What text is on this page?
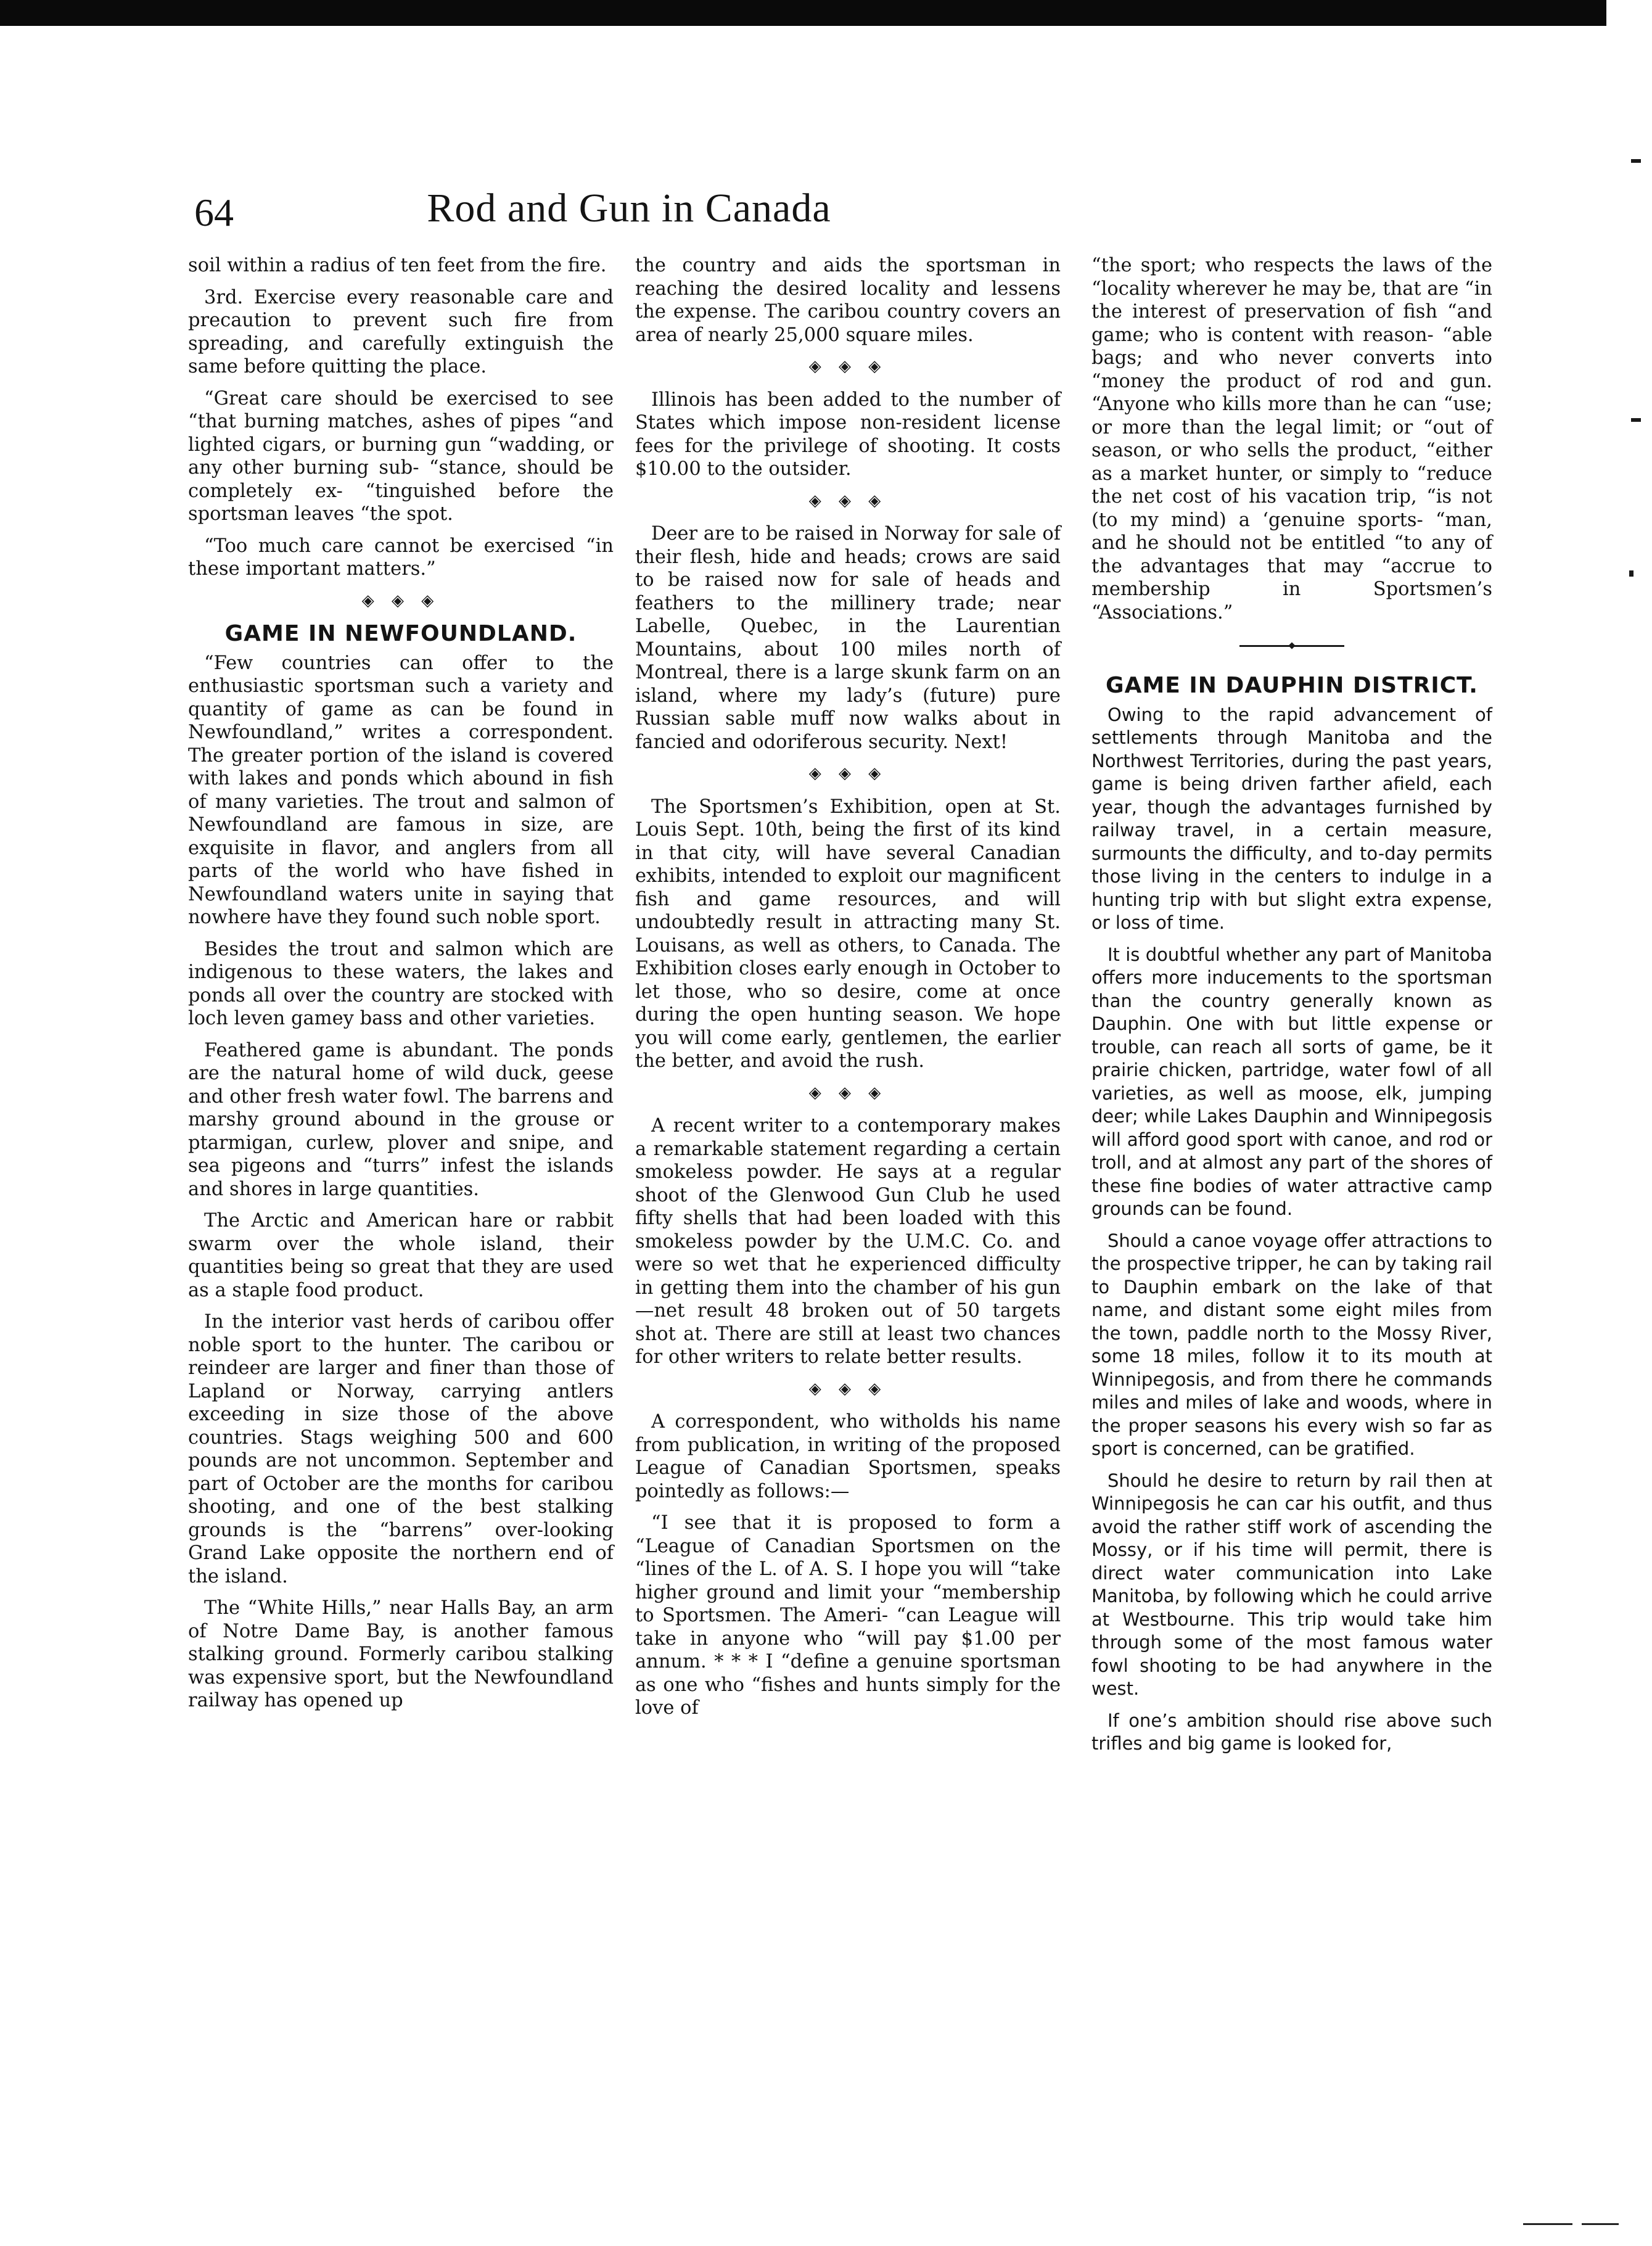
64	Rod and Gun in Canada

soil within a radius of ten feet from the fire.

3rd. Exercise every reasonable care and precaution to prevent such fire from spreading, and carefully extinguish the same before quitting the place.

“Great care should be exercised to see “that burning matches, ashes of pipes “and lighted cigars, or burning gun “wadding, or any other burning sub- “stance, should be completely ex- “tinguished before the sportsman leaves “the spot.

“Too much care cannot be exercised “in these important matters.”

◈ ◈ ◈
GAME IN NEWFOUNDLAND.

“Few countries can offer to the enthusiastic sportsman such a variety and quantity of game as can be found in Newfoundland,” writes a correspondent. The greater portion of the island is covered with lakes and ponds which abound in fish of many varieties. The trout and salmon of Newfoundland are famous in size, are exquisite in flavor, and anglers from all parts of the world who have fished in Newfoundland waters unite in saying that nowhere have they found such noble sport.

Besides the trout and salmon which are indigenous to these waters, the lakes and ponds all over the country are stocked with loch leven gamey bass and other varieties.

Feathered game is abundant. The ponds are the natural home of wild duck, geese and other fresh water fowl. The barrens and marshy ground abound in the grouse or ptarmigan, curlew, plover and snipe, and sea pigeons and “turrs” infest the islands and shores in large quantities.

The Arctic and American hare or rabbit swarm over the whole island, their quantities being so great that they are used as a staple food product.

In the interior vast herds of caribou offer noble sport to the hunter. The caribou or reindeer are larger and finer than those of Lapland or Norway, carrying antlers exceeding in size those of the above countries. Stags weighing 500 and 600 pounds are not uncommon. September and part of October are the months for caribou shooting, and one of the best stalking grounds is the “barrens” over-looking Grand Lake opposite the northern end of the island.

The “White Hills,” near Halls Bay, an arm of Notre Dame Bay, is another famous stalking ground. Formerly caribou stalking was expensive sport, but the Newfoundland railway has opened up

the country and aids the sportsman in reaching the desired locality and lessens the expense. The caribou country covers an area of nearly 25,000 square miles.

◈ ◈ ◈

Illinois has been added to the number of States which impose non-resident license fees for the privilege of shooting. It costs $10.00 to the outsider.

◈ ◈ ◈

Deer are to be raised in Norway for sale of their flesh, hide and heads; crows are said to be raised now for sale of heads and feathers to the millinery trade; near Labelle, Quebec, in the Laurentian Mountains, about 100 miles north of Montreal, there is a large skunk farm on an island, where my lady’s (future) pure Russian sable muff now walks about in fancied and odoriferous security. Next!

◈ ◈ ◈

The Sportsmen’s Exhibition, open at St. Louis Sept. 10th, being the first of its kind in that city, will have several Canadian exhibits, intended to exploit our magnificent fish and game resources, and will undoubtedly result in attracting many St. Louisans, as well as others, to Canada. The Exhibition closes early enough in October to let those, who so desire, come at once during the open hunting season. We hope you will come early, gentlemen, the earlier the better, and avoid the rush.

◈ ◈ ◈

A recent writer to a contemporary makes a remarkable statement regarding a certain smokeless powder. He says at a regular shoot of the Glenwood Gun Club he used fifty shells that had been loaded with this smokeless powder by the U.M.C. Co. and were so wet that he experienced difficulty in getting them into the chamber of his gun—net result 48 broken out of 50 targets shot at. There are still at least two chances for other writers to relate better results.

◈ ◈ ◈

A correspondent, who witholds his name from publication, in writing of the proposed League of Canadian Sportsmen, speaks pointedly as follows:—

“I see that it is proposed to form a “League of Canadian Sportsmen on the “lines of the L. of A. S. I hope you will “take higher ground and limit your “membership to Sportsmen. The Ameri- “can League will take in anyone who “will pay $1.00 per annum. * * * I “define a genuine sportsman as one who “fishes and hunts simply for the love of

“the sport; who respects the laws of the “locality wherever he may be, that are “in the interest of preservation of fish “and game; who is content with reason- “able bags; and who never converts into “money the product of rod and gun. “Anyone who kills more than he can “use; or more than the legal limit; or “out of season, or who sells the product, “either as a market hunter, or simply to “reduce the net cost of his vacation trip, “is not (to my mind) a ‘genuine sports- “man, and he should not be entitled “to any of the advantages that may “accrue to membership in Sportsmen’s “Associations.”

GAME IN DAUPHIN DISTRICT.

Owing to the rapid advancement of settlements through Manitoba and the Northwest Territories, during the past years, game is being driven farther afield, each year, though the advantages furnished by railway travel, in a certain measure, surmounts the difficulty, and to-day permits those living in the centers to indulge in a hunting trip with but slight extra expense, or loss of time.

It is doubtful whether any part of Manitoba offers more inducements to the sportsman than the country generally known as Dauphin. One with but little expense or trouble, can reach all sorts of game, be it prairie chicken, partridge, water fowl of all varieties, as well as moose, elk, jumping deer; while Lakes Dauphin and Winnipegosis will afford good sport with canoe, and rod or troll, and at almost any part of the shores of these fine bodies of water attractive camp grounds can be found.

Should a canoe voyage offer attractions to the prospective tripper, he can by taking rail to Dauphin embark on the lake of that name, and distant some eight miles from the town, paddle north to the Mossy River, some 18 miles, follow it to its mouth at Winnipegosis, and from there he commands miles and miles of lake and woods, where in the proper seasons his every wish so far as sport is concerned, can be gratified.

Should he desire to return by rail then at Winnipegosis he can car his outfit, and thus avoid the rather stiff work of ascending the Mossy, or if his time will permit, there is direct water communication into Lake Manitoba, by following which he could arrive at Westbourne. This trip would take him through some of the most famous water fowl shooting to be had anywhere in the west.

If one’s ambition should rise above such trifles and big game is looked for,
